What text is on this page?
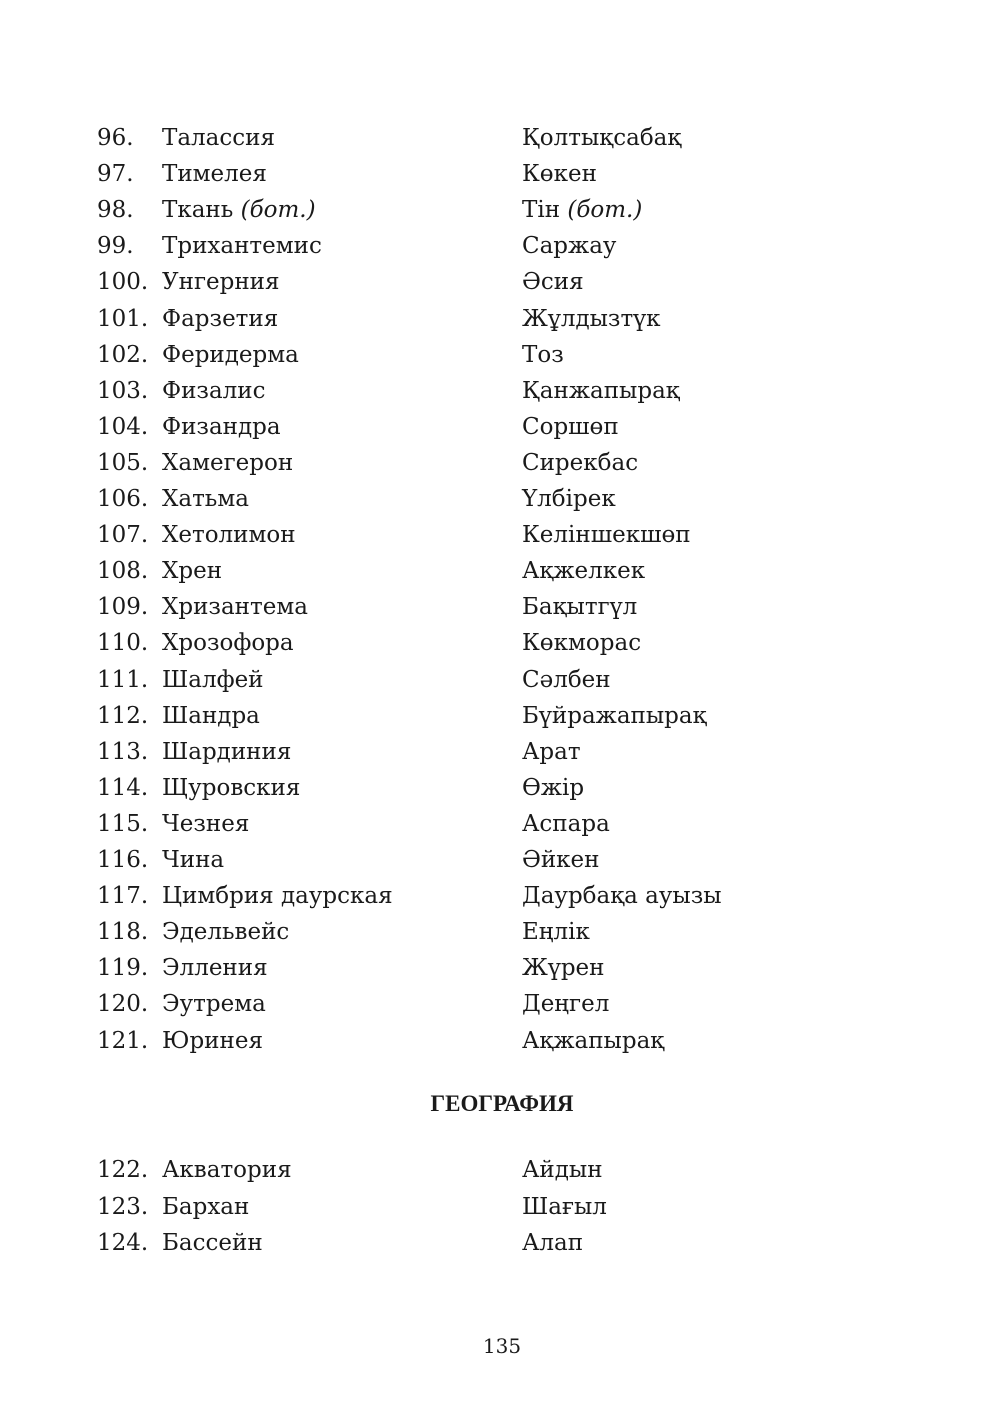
96. Талассия	Қолтықсабақ
97. Тимелея	Көкен
98. Ткань (бот.)	Тін (бот.)
99. Трихантемис	Саржау
100. Унгерния	Әсия
101. Фарзетия	Жұлдызтүк
102. Феридерма	Тоз
103. Физалис	Қанжапырақ
104. Физандра	Соршөп
105. Хамегерон	Сирекбас
106. Хатьма	Үлбірек
107. Хетолимон	Келіншекшөп
108. Хрен	Ақжелкек
109. Хризантема	Бақытгүл
110. Хрозофора	Көкморас
111. Шалфей	Сәлбен
112. Шандра	Бүйражапырақ
113. Шардиния	Арат
114. Щуровския	Өжір
115. Чезнея	Аспара
116. Чина	Әйкен
117. Цимбрия даурская	Даурбақа ауызы
118. Эдельвейс	Еңлік
119. Элления	Жүрен
120. Эутрема	Деңгел
121. Юринея	Ақжапырақ
ГЕОГРАФИЯ
122. Акватория	Айдын
123. Бархан	Шағыл
124. Бассейн	Алап
135
